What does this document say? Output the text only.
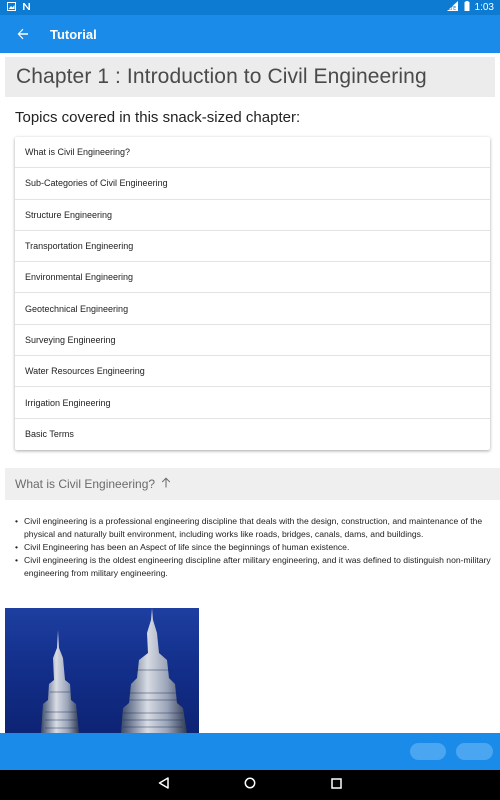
LTE 1:03
Tutorial
Chapter 1 : Introduction to Civil Engineering
Topics covered in this snack-sized chapter:
What is Civil Engineering?
Sub-Categories of Civil Engineering
Structure Engineering
Transportation Engineering
Environmental Engineering
Geotechnical Engineering
Surveying Engineering
Water Resources Engineering
Irrigation Engineering
Basic Terms
What is Civil Engineering?
• Civil engineering is a professional engineering discipline that deals with the design, construction, and maintenance of the physical and naturally built environment, including works like roads, bridges, canals, dams, and buildings.
• Civil Engineering has been an Aspect of life since the beginnings of human existence.
• Civil engineering is the oldest engineering discipline after military engineering, and it was defined to distinguish non-military engineering from military engineering.
